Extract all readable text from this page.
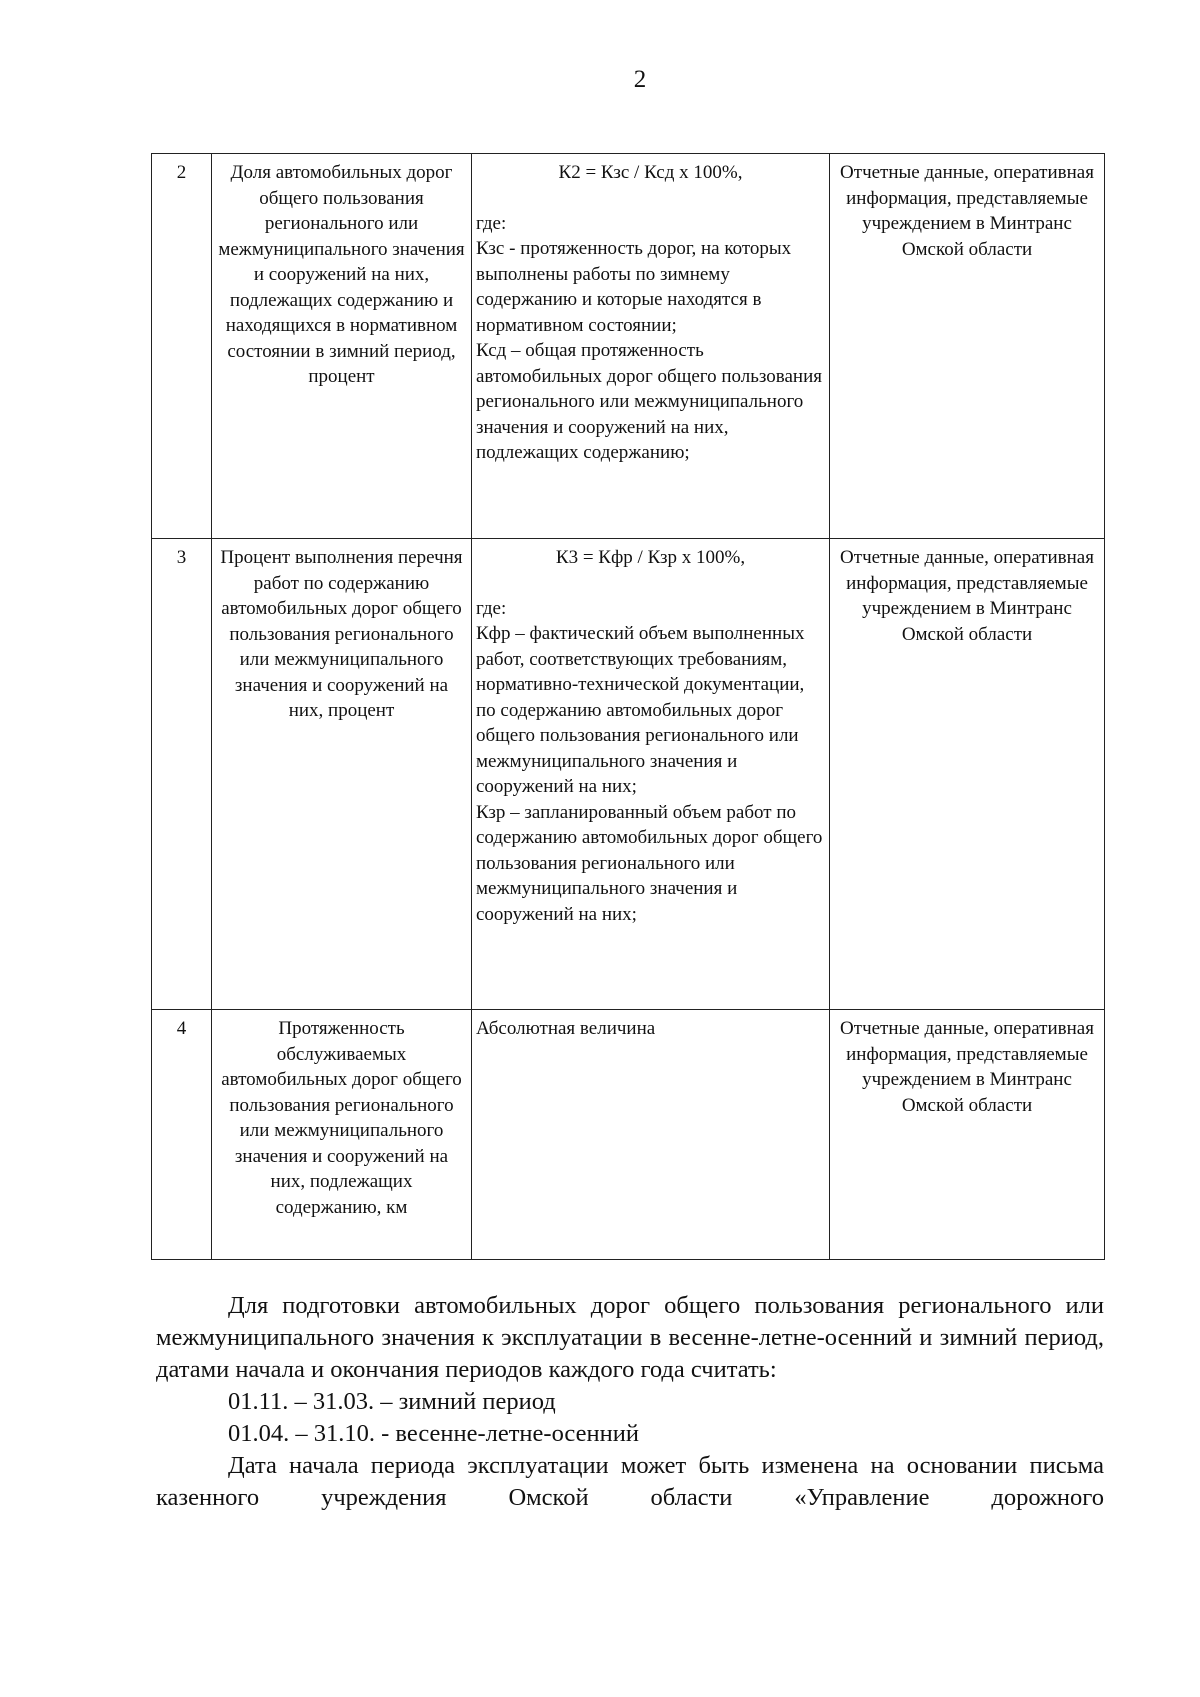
2
2	Доля автомобильных дорог общего пользования регионального или межмуниципального значения и сооружений на них, подлежащих содержанию и находящихся в нормативном состоянии в зимний период, процент	К2 = Кзс / Ксд х 100%,
где:
Кзс - протяженность дорог, на которых выполнены работы по зимнему содержанию и которые находятся в нормативном состоянии;
Ксд – общая протяженность автомобильных дорог общего пользования регионального или межмуниципального значения и сооружений на них, подлежащих содержанию;	Отчетные данные, оперативная информация, представляемые учреждением в Минтранс Омской области
3	Процент выполнения перечня работ по содержанию автомобильных дорог общего пользования регионального или межмуниципального значения и сооружений на них, процент	К3 = Кфр / Кзр х 100%,
где:
Кфр – фактический объем выполненных работ, соответствующих требованиям, нормативно-технической документации, по содержанию автомобильных дорог общего пользования регионального или межмуниципального значения и сооружений на них;
Кзр – запланированный объем работ по содержанию автомобильных дорог общего пользования регионального или межмуниципального значения и сооружений на них;	Отчетные данные, оперативная информация, представляемые учреждением в Минтранс Омской области
4	Протяженность обслуживаемых автомобильных дорог общего пользования регионального или межмуниципального значения и сооружений на них, подлежащих содержанию, км	Абсолютная величина	Отчетные данные, оперативная информация, представляемые учреждением в Минтранс Омской области

Для подготовки автомобильных дорог общего пользования регионального или межмуниципального значения к эксплуатации в весенне-летне-осенний и зимний период, датами начала и окончания периодов каждого года считать:

01.11. – 31.03. – зимний период

01.04. – 31.10. - весенне-летне-осенний

Дата начала периода эксплуатации может быть изменена на основании письма казенного учреждения Омской области «Управление дорожного
